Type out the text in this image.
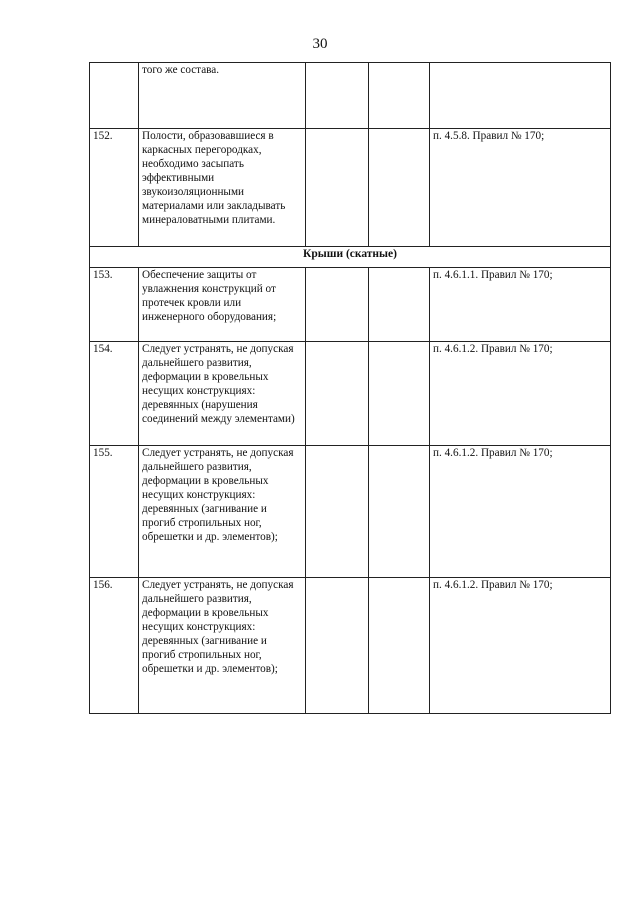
30
	того же состава.			
152.	Полости, образовавшиеся в каркасных перегородках, необходимо засыпать эффективными звукоизоляционными материалами или закладывать минераловатными плитами.			п. 4.5.8. Правил № 170;
Крыши (скатные)				
153.	Обеспечение защиты от увлажнения конструкций от протечек кровли или инженерного оборудования;			п. 4.6.1.1. Правил № 170;
154.	Следует устранять, не допуская дальнейшего развития, деформации в кровельных несущих конструкциях: деревянных (нарушения соединений между элементами)			п. 4.6.1.2. Правил № 170;
155.	Следует устранять, не допуская дальнейшего развития, деформации в кровельных несущих конструкциях: деревянных (загнивание и прогиб стропильных ног, обрешетки и др. элементов);			п. 4.6.1.2. Правил № 170;
156.	Следует устранять, не допуская дальнейшего развития, деформации в кровельных несущих конструкциях: деревянных (загнивание и прогиб стропильных ног, обрешетки и др. элементов);			п. 4.6.1.2. Правил № 170;
